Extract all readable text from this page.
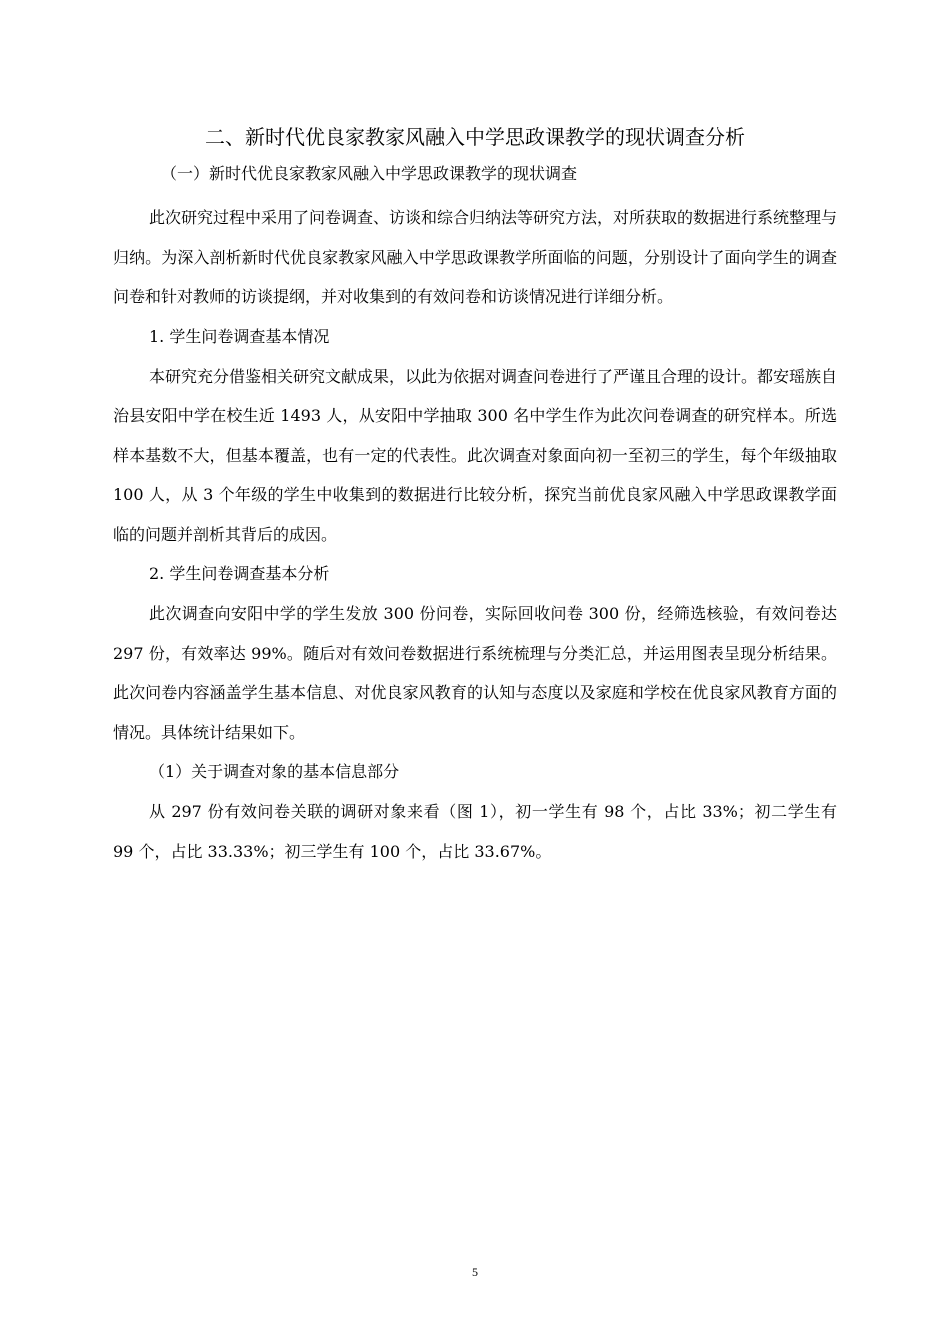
二、新时代优良家教家风融入中学思政课教学的现状调查分析
（一）新时代优良家教家风融入中学思政课教学的现状调查

此次研究过程中采用了问卷调查、访谈和综合归纳法等研究方法，对所获取的数据进行系统整理与归纳。为深入剖析新时代优良家教家风融入中学思政课教学所面临的问题，分别设计了面向学生的调查问卷和针对教师的访谈提纲，并对收集到的有效问卷和访谈情况进行详细分析。

1. 学生问卷调查基本情况

本研究充分借鉴相关研究文献成果，以此为依据对调查问卷进行了严谨且合理的设计。都安瑶族自治县安阳中学在校生近 1493 人，从安阳中学抽取 300 名中学生作为此次问卷调查的研究样本。所选样本基数不大，但基本覆盖，也有一定的代表性。此次调查对象面向初一至初三的学生，每个年级抽取 100 人，从 3 个年级的学生中收集到的数据进行比较分析，探究当前优良家风融入中学思政课教学面临的问题并剖析其背后的成因。

2. 学生问卷调查基本分析

此次调查向安阳中学的学生发放 300 份问卷，实际回收问卷 300 份，经筛选核验，有效问卷达 297 份，有效率达 99%。随后对有效问卷数据进行系统梳理与分类汇总，并运用图表呈现分析结果。此次问卷内容涵盖学生基本信息、对优良家风教育的认知与态度以及家庭和学校在优良家风教育方面的情况。具体统计结果如下。

（1）关于调查对象的基本信息部分

从 297 份有效问卷关联的调研对象来看（图 1），初一学生有 98 个，占比 33%；初二学生有 99 个，占比 33.33%；初三学生有 100 个，占比 33.67%。

5
